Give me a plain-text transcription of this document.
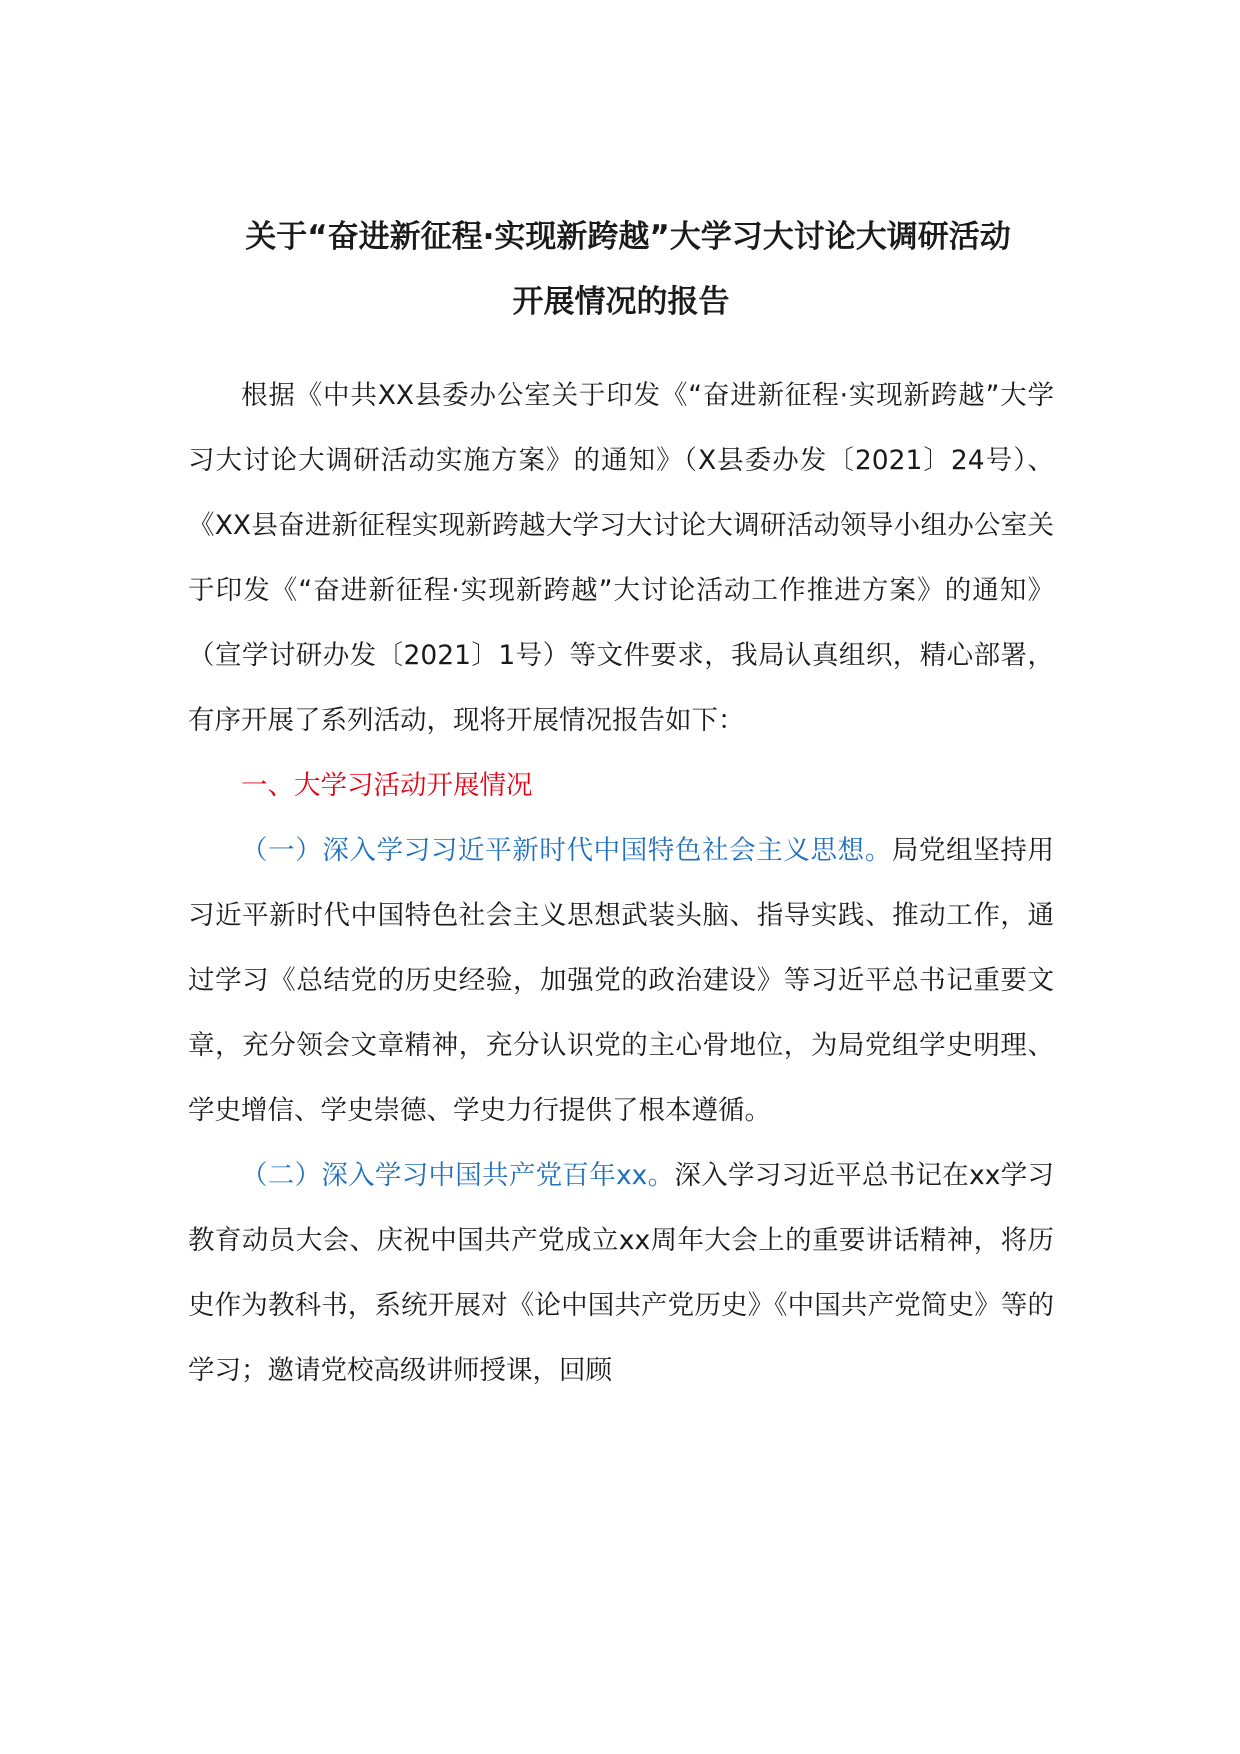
关于“奋进新征程·实现新跨越”大学习大讨论大调研活动
开展情况的报告

根据《中共XX县委办公室关于印发《“奋进新征程·实现新跨越”大学习大讨论大调研活动实施方案》的通知》（X县委办发〔2021〕24号）、《XX县奋进新征程实现新跨越大学习大讨论大调研活动领导小组办公室关于印发《“奋进新征程·实现新跨越”大讨论活动工作推进方案》的通知》（宣学讨研办发〔2021〕1号）等文件要求，我局认真组织，精心部署，有序开展了系列活动，现将开展情况报告如下：

一、大学习活动开展情况

（一）深入学习习近平新时代中国特色社会主义思想。局党组坚持用习近平新时代中国特色社会主义思想武装头脑、指导实践、推动工作，通过学习《总结党的历史经验，加强党的政治建设》等习近平总书记重要文章，充分领会文章精神，充分认识党的主心骨地位，为局党组学史明理、学史增信、学史崇德、学史力行提供了根本遵循。

（二）深入学习中国共产党百年xx。深入学习习近平总书记在xx学习教育动员大会、庆祝中国共产党成立xx周年大会上的重要讲话精神，将历史作为教科书，系统开展对《论中国共产党历史》《中国共产党简史》等的学习；邀请党校高级讲师授课，回顾
